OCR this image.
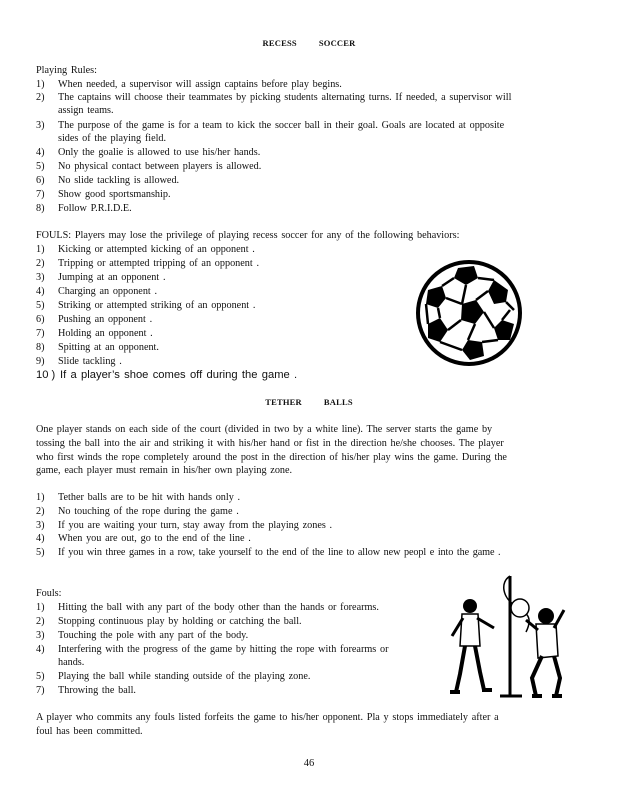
RECESS	SOCCER
Playing Rules:
1) When needed, a supervisor will assign captains before play begins.
2) The captains will choose their teammates by picking students alternating turns. If needed, a supervisor will
assign teams.
3) The purpose of the game is for a team to kick the soccer ball in their goal. Goals are located at opposite
sides of the playing field.
4) Only the goalie is allowed to use his/her hands.
5) No physical contact between players is allowed.
6) No slide tackling is allowed.
7) Show good sportsmanship.
8) Follow P.R.I.D.E.
FOULS: Players may lose the privilege of playing recess soccer for any of the following behaviors:
1) Kicking or attempted kicking of an opponent .
2) Tripping or attempted tripping of an opponent .
3) Jumping at an opponent .
4) Charging an opponent .
5) Striking or attempted striking of an opponent .
6) Pushing an opponent .
7) Holding an opponent .
8) Spitting at an opponent.
9) Slide tackling .
10 ) If a player’s shoe comes off during the game .
TETHER	BALLS
One player stands on each side of the court (divided in two by a white line). The server starts the game by
tossing the ball into the air and striking it with his/her hand or fist in the direction he/she chooses. The player
who first winds the rope completely around the post in the direction of his/her play wins the game. During the
game, each player must remain in his/her own playing zone.
1) Tether balls are to be hit with hands only .
2) No touching of the rope during the game .
3) If you are waiting your turn, stay away from the playing zones .
4) When you are out, go to the end of the line .
5) If you win three games in a row, take yourself to the end of the line to allow new peopl e into the game .
Fouls:
1) Hitting the ball with any part of the body other than the hands or forearms.
2) Stopping continuous play by holding or catching the ball.
3) Touching the pole with any part of the body.
4) Interfering with the progress of the game by hitting the rope with forearms or
hands.
5) Playing the ball while standing outside of the playing zone.
7) Throwing the ball.
A player who commits any fouls listed forfeits the game to his/her opponent. Pla y stops immediately after a
foul has been committed.
46
